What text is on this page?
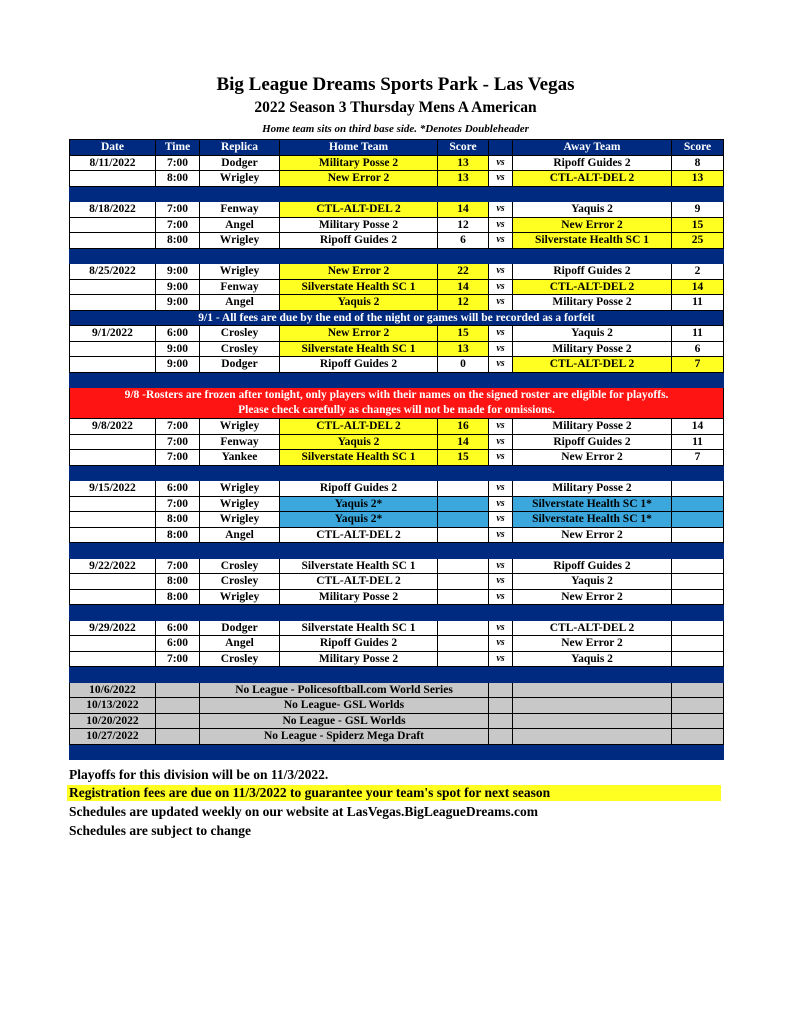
Big League Dreams Sports Park - Las Vegas
2022 Season 3 Thursday Mens A American
Home team sits on third base side. *Denotes Doubleheader
Date	Time	Replica	Home Team	Score		Away Team	Score
8/11/2022	7:00	Dodger	Military Posse 2	13	vs	Ripoff Guides 2	8
	8:00	Wrigley	New Error 2	13	vs	CTL-ALT-DEL 2	13

8/18/2022	7:00	Fenway	CTL-ALT-DEL 2	14	vs	Yaquis 2	9
	7:00	Angel	Military Posse 2	12	vs	New Error 2	15
	8:00	Wrigley	Ripoff Guides 2	6	vs	Silverstate Health SC 1	25

8/25/2022	9:00	Wrigley	New Error 2	22	vs	Ripoff Guides 2	2
	9:00	Fenway	Silverstate Health SC 1	14	vs	CTL-ALT-DEL 2	14
	9:00	Angel	Yaquis 2	12	vs	Military Posse 2	11
9/1 - All fees are due by the end of the night or games will be recorded as a forfeit							
9/1/2022	6:00	Crosley	New Error 2	15	vs	Yaquis 2	11
	9:00	Crosley	Silverstate Health SC 1	13	vs	Military Posse 2	6
	9:00	Dodger	Ripoff Guides 2	0	vs	CTL-ALT-DEL 2	7

9/8 -Rosters are frozen after tonight, only players with their names on the signed roster are eligible for playoffs.
Please check carefully as changes will not be made for omissions.							

9/8/2022	7:00	Wrigley	CTL-ALT-DEL 2	16	vs	Military Posse 2	14
	7:00	Fenway	Yaquis 2	14	vs	Ripoff Guides 2	11
	7:00	Yankee	Silverstate Health SC 1	15	vs	New Error 2	7

9/15/2022	6:00	Wrigley	Ripoff Guides 2		vs	Military Posse 2	
	7:00	Wrigley	Yaquis 2*		vs	Silverstate Health SC 1*	
	8:00	Wrigley	Yaquis 2*		vs	Silverstate Health SC 1*	
	8:00	Angel	CTL-ALT-DEL 2		vs	New Error 2	

9/22/2022	7:00	Crosley	Silverstate Health SC 1		vs	Ripoff Guides 2	
	8:00	Crosley	CTL-ALT-DEL 2		vs	Yaquis 2	
	8:00	Wrigley	Military Posse 2		vs	New Error 2	

9/29/2022	6:00	Dodger	Silverstate Health SC 1		vs	CTL-ALT-DEL 2	
	6:00	Angel	Ripoff Guides 2		vs	New Error 2	
	7:00	Crosley	Military Posse 2		vs	Yaquis 2	

10/6/2022		No League - Policesoftball.com World Series					
10/13/2022		No League- GSL Worlds					
10/20/2022		No League - GSL Worlds					
10/27/2022		No League - Spiderz Mega Draft					

Playoffs for this division will be on 11/3/2022.
Registration fees are due on 11/3/2022 to guarantee your team's spot for next season
Schedules are updated weekly on our website at LasVegas.BigLeagueDreams.com
Schedules are subject to change
